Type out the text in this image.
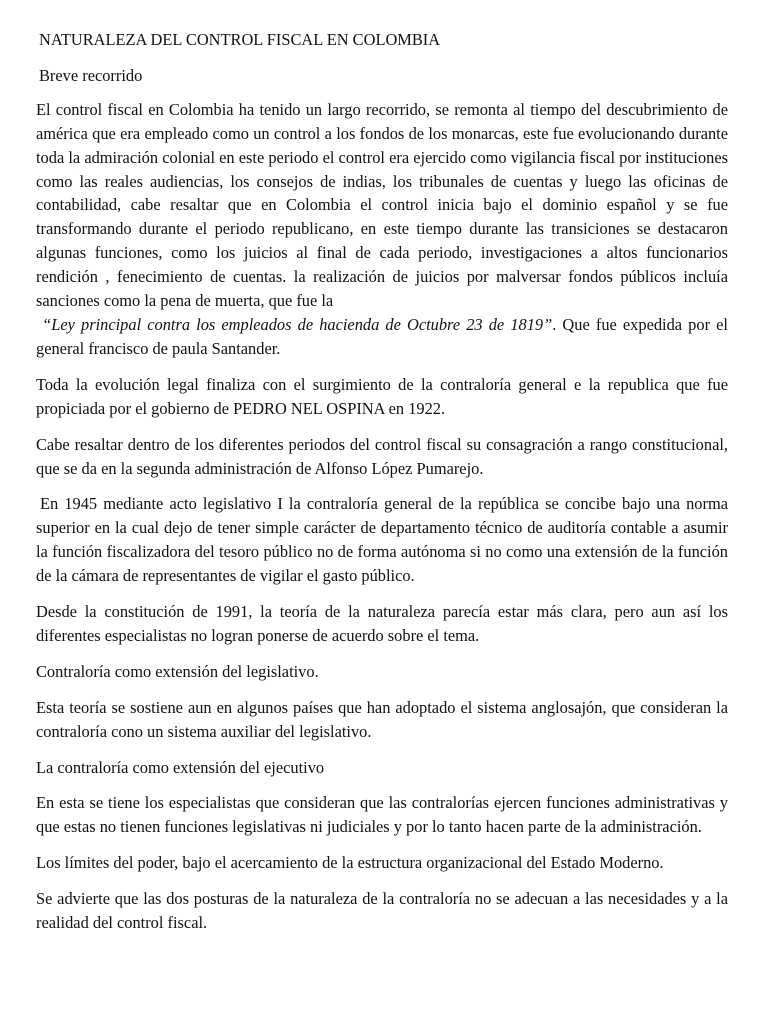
NATURALEZA DEL CONTROL FISCAL EN COLOMBIA
Breve recorrido

El control fiscal en Colombia ha tenido un largo recorrido, se remonta al tiempo del descubrimiento de américa que era empleado como un control a los fondos de los monarcas, este fue evolucionando durante toda la admiración colonial en este periodo el control era ejercido como vigilancia fiscal por instituciones como las reales audiencias, los consejos de indias, los tribunales de cuentas y luego las oficinas de contabilidad, cabe resaltar que en Colombia el control inicia bajo el dominio español y se fue transformando durante el periodo republicano, en este tiempo durante las transiciones se destacaron algunas funciones, como los juicios al final de cada periodo, investigaciones a altos funcionarios rendición , fenecimiento de cuentas. la realización de juicios por malversar fondos públicos incluía sanciones como la pena de muerta, que fue la
“Ley principal contra los empleados de hacienda de Octubre 23 de 1819”. Que fue expedida por el general francisco de paula Santander.

Toda la evolución legal finaliza con el surgimiento de la contraloría general e la republica que fue propiciada por el gobierno de PEDRO NEL OSPINA en 1922.

Cabe resaltar dentro de los diferentes periodos del control fiscal su consagración a rango constitucional, que se da en la segunda administración de Alfonso López Pumarejo.

En 1945 mediante acto legislativo I la contraloría general de la república se concibe bajo una norma superior en la cual dejo de tener simple carácter de departamento técnico de auditoría contable a asumir la función fiscalizadora del tesoro público no de forma autónoma si no como una extensión de la función de la cámara de representantes de vigilar el gasto público.

Desde la constitución de 1991, la teoría de la naturaleza parecía estar más clara, pero aun así los diferentes especialistas no logran ponerse de acuerdo sobre el tema.

Contraloría como extensión del legislativo.

Esta teoría se sostiene aun en algunos países que han adoptado el sistema anglosajón, que consideran la contraloría cono un sistema auxiliar del legislativo.

La contraloría como extensión del ejecutivo

En esta se tiene los especialistas que consideran que las contralorías ejercen funciones administrativas y que estas no tienen funciones legislativas ni judiciales y por lo tanto hacen parte de la administración.

Los límites del poder, bajo el acercamiento de la estructura organizacional del Estado Moderno.

Se advierte que las dos posturas de la naturaleza de la contraloría no se adecuan a las necesidades y a la realidad del control fiscal.
